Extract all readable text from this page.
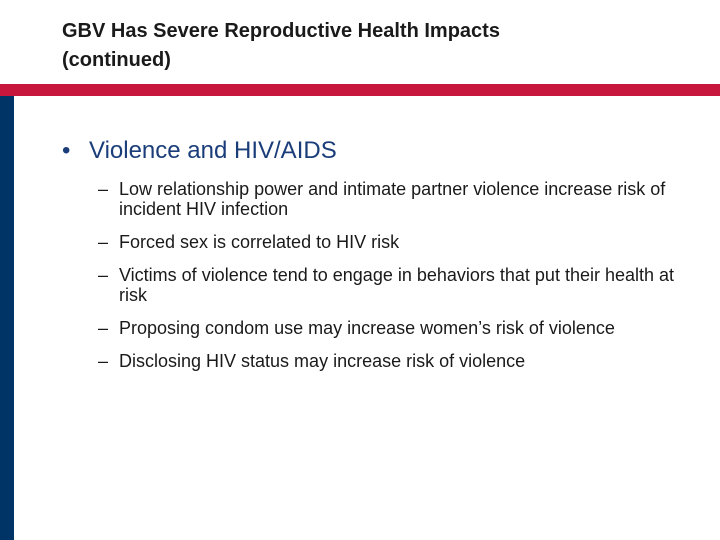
GBV Has Severe Reproductive Health Impacts
(continued)
• Violence and HIV/AIDS
– Low relationship power and intimate partner violence increase risk of incident HIV infection
– Forced sex is correlated to HIV risk
– Victims of violence tend to engage in behaviors that put their health at risk
– Proposing condom use may increase women’s risk of violence
– Disclosing HIV status may increase risk of violence
